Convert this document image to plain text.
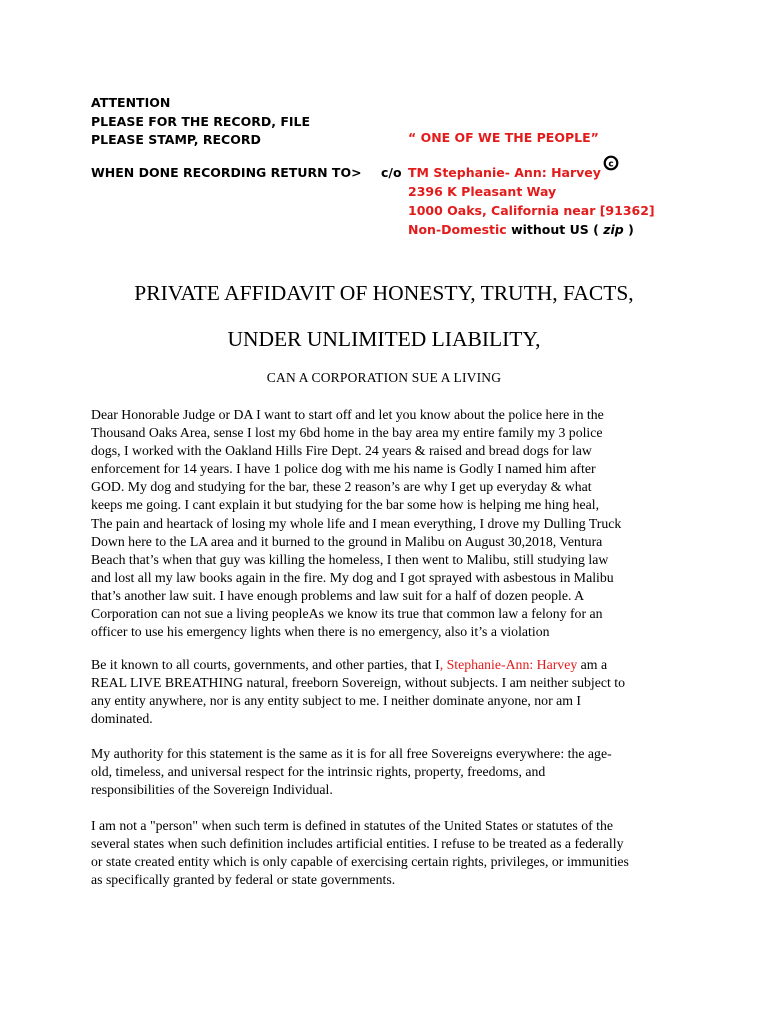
ATTENTION
PLEASE FOR THE RECORD, FILE
PLEASE STAMP, RECORD	“ ONE OF WE THE PEOPLE”
WHEN DONE RECORDING RETURN TO> c/o TM Stephanie- Ann: Harvey
2396 K Pleasant Way
1000 Oaks, California near [91362]
Non-Domestic without US ( zip )
c
PRIVATE AFFIDAVIT OF HONESTY, TRUTH, FACTS,
UNDER UNLIMITED LIABILITY,
CAN A CORPORATION SUE A LIVING
Dear Honorable Judge or DA I want to start off and let you know about the police here in the
Thousand Oaks Area, sense I lost my 6bd home in the bay area my entire family my 3 police
dogs, I worked with the Oakland Hills Fire Dept. 24 years & raised and bread dogs for law
enforcement for 14 years. I have 1 police dog with me his name is Godly I named him after
GOD. My dog and studying for the bar, these 2 reason’s are why I get up everyday & what
keeps me going. I cant explain it but studying for the bar some how is helping me hing heal,
The pain and heartack of losing my whole life and I mean everything, I drove my Dulling Truck
Down here to the LA area and it burned to the ground in Malibu on August 30,2018, Ventura
Beach that’s when that guy was killing the homeless, I then went to Malibu, still studying law
and lost all my law books again in the fire. My dog and I got sprayed with asbestous in Malibu
that’s another law suit. I have enough problems and law suit for a half of dozen people. A
Corporation can not sue a living peopleAs we know its true that common law a felony for an
officer to use his emergency lights when there is no emergency, also it’s a violation
Be it known to all courts, governments, and other parties, that I, Stephanie-Ann: Harvey am a
REAL LIVE BREATHING natural, freeborn Sovereign, without subjects. I am neither subject to
any entity anywhere, nor is any entity subject to me. I neither dominate anyone, nor am I
dominated.
My authority for this statement is the same as it is for all free Sovereigns everywhere: the age-
old, timeless, and universal respect for the intrinsic rights, property, freedoms, and
responsibilities of the Sovereign Individual.
I am not a "person" when such term is defined in statutes of the United States or statutes of the
several states when such definition includes artificial entities. I refuse to be treated as a federally
or state created entity which is only capable of exercising certain rights, privileges, or immunities
as specifically granted by federal or state governments.
